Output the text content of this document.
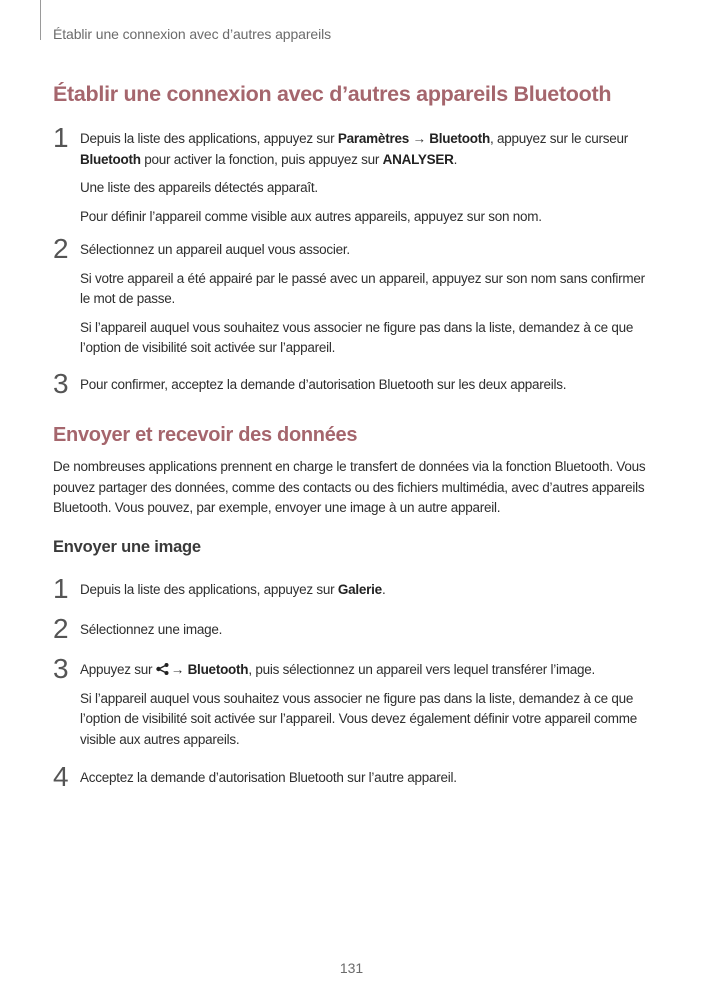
Établir une connexion avec d’autres appareils
Établir une connexion avec d’autres appareils Bluetooth
1 Depuis la liste des applications, appuyez sur Paramètres → Bluetooth, appuyez sur le curseur Bluetooth pour activer la fonction, puis appuyez sur ANALYSER.

Une liste des appareils détectés apparaît.

Pour définir l’appareil comme visible aux autres appareils, appuyez sur son nom.

2 Sélectionnez un appareil auquel vous associer.

Si votre appareil a été appairé par le passé avec un appareil, appuyez sur son nom sans confirmer le mot de passe.

Si l’appareil auquel vous souhaitez vous associer ne figure pas dans la liste, demandez à ce que l’option de visibilité soit activée sur l’appareil.

3 Pour confirmer, acceptez la demande d’autorisation Bluetooth sur les deux appareils.

Envoyer et recevoir des données
De nombreuses applications prennent en charge le transfert de données via la fonction Bluetooth. Vous pouvez partager des données, comme des contacts ou des fichiers multimédia, avec d’autres appareils Bluetooth. Vous pouvez, par exemple, envoyer une image à un autre appareil.
Envoyer une image
1 Depuis la liste des applications, appuyez sur Galerie.

2 Sélectionnez une image.

3 Appuyez sur → Bluetooth, puis sélectionnez un appareil vers lequel transférer l’image.

Si l’appareil auquel vous souhaitez vous associer ne figure pas dans la liste, demandez à ce que l’option de visibilité soit activée sur l’appareil. Vous devez également définir votre appareil comme visible aux autres appareils.

4 Acceptez la demande d’autorisation Bluetooth sur l’autre appareil.

131
